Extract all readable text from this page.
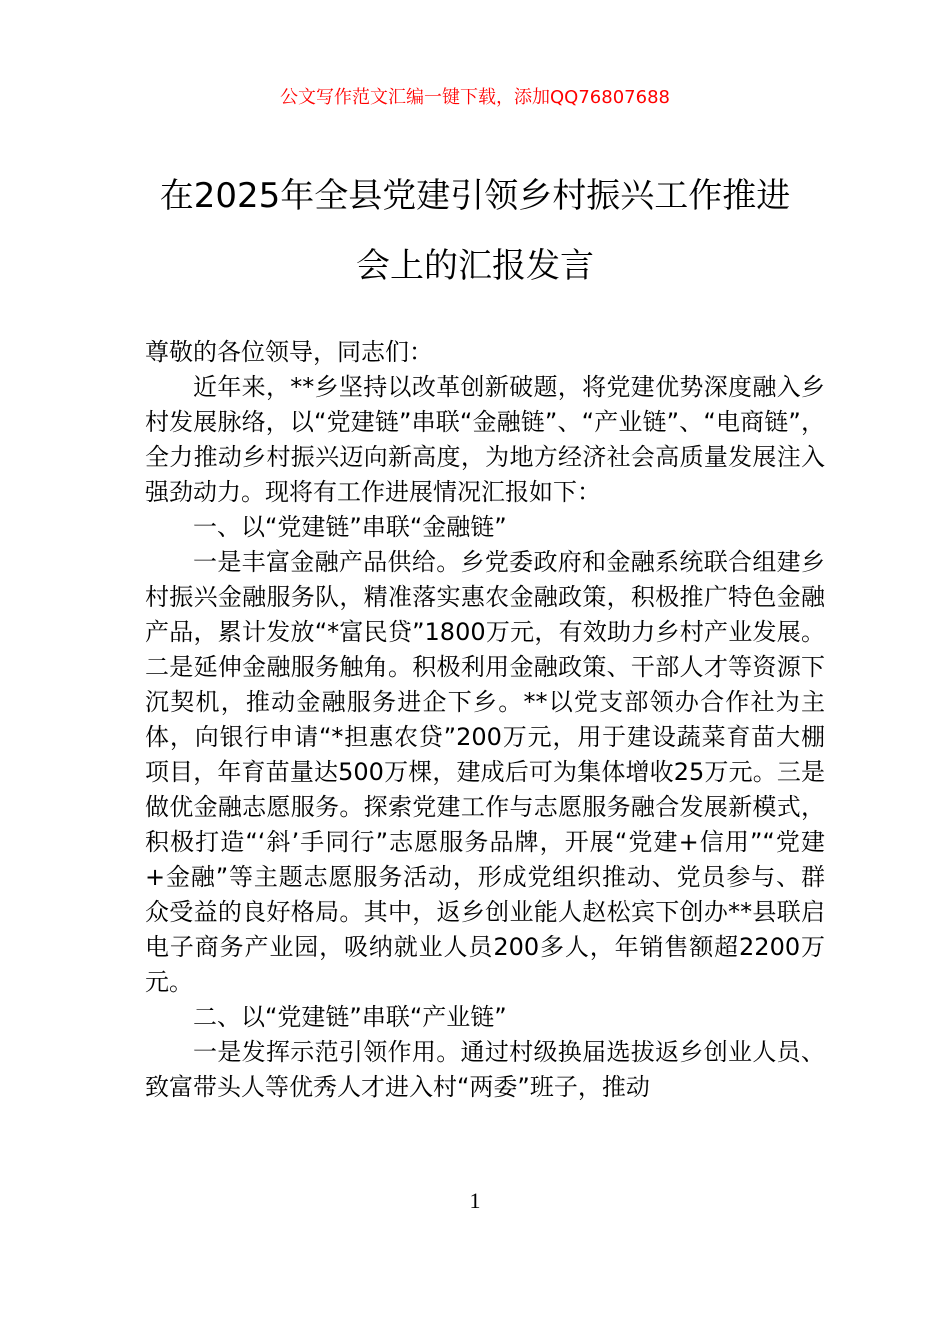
公文写作范文汇编一键下载，添加QQ76807688
在2025年全县党建引领乡村振兴工作推进
会上的汇报发言

尊敬的各位领导，同志们：

近年来，**乡坚持以改革创新破题，将党建优势深度融入乡村发展脉络，以“党建链”串联“金融链”、“产业链”、“电商链”，全力推动乡村振兴迈向新高度，为地方经济社会高质量发展注入强劲动力。现将有工作进展情况汇报如下：

一、以“党建链”串联“金融链”

一是丰富金融产品供给。乡党委政府和金融系统联合组建乡村振兴金融服务队，精准落实惠农金融政策，积极推广特色金融产品，累计发放“*富民贷”1800万元，有效助力乡村产业发展。二是延伸金融服务触角。积极利用金融政策、干部人才等资源下沉契机，推动金融服务进企下乡。**以党支部领办合作社为主体，向银行申请“*担惠农贷”200万元，用于建设蔬菜育苗大棚项目，年育苗量达500万棵，建成后可为集体增收25万元。三是做优金融志愿服务。探索党建工作与志愿服务融合发展新模式，积极打造“‘斜’手同行”志愿服务品牌，开展“党建+信用”“党建+金融”等主题志愿服务活动，形成党组织推动、党员参与、群众受益的良好格局。其中，返乡创业能人赵松宾下创办**县联启电子商务产业园，吸纳就业人员200多人，年销售额超2200万元。

二、以“党建链”串联“产业链”

一是发挥示范引领作用。通过村级换届选拔返乡创业人员、致富带头人等优秀人才进入村“两委”班子，推动

1
